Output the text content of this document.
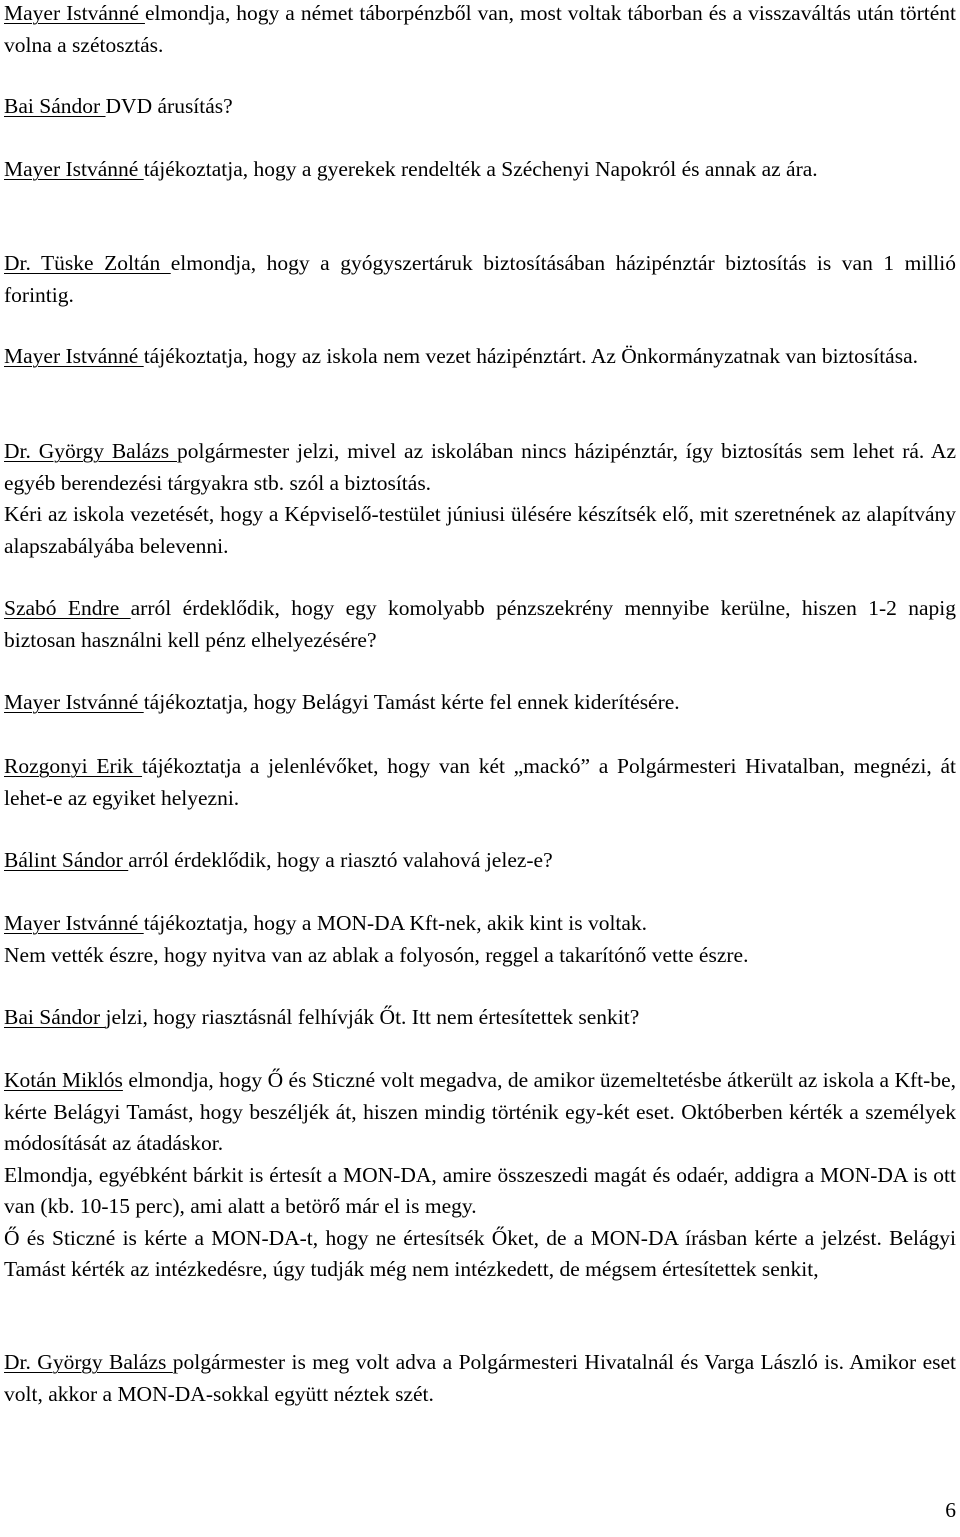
Mayer Istvánné elmondja, hogy a német táborpénzből van, most voltak táborban és a visszaváltás után történt volna a szétosztás.

Bai Sándor DVD árusítás?

Mayer Istvánné tájékoztatja, hogy a gyerekek rendelték a Széchenyi Napokról és annak az ára.

Dr. Tüske Zoltán elmondja, hogy a gyógyszertáruk biztosításában házipénztár biztosítás is van 1 millió forintig.

Mayer Istvánné tájékoztatja, hogy az iskola nem vezet házipénztárt. Az Önkormányzatnak van biztosítása.

Dr. György Balázs polgármester jelzi, mivel az iskolában nincs házipénztár, így biztosítás sem lehet rá. Az egyéb berendezési tárgyakra stb. szól a biztosítás.
Kéri az iskola vezetését, hogy a Képviselő-testület júniusi ülésére készítsék elő, mit szeretnének az alapítvány alapszabályába belevenni.

Szabó Endre arról érdeklődik, hogy egy komolyabb pénzszekrény mennyibe kerülne, hiszen 1-2 napig biztosan használni kell pénz elhelyezésére?

Mayer Istvánné tájékoztatja, hogy Belágyi Tamást kérte fel ennek kiderítésére.

Rozgonyi Erik tájékoztatja a jelenlévőket, hogy van két „mackó” a Polgármesteri Hivatalban, megnézi, át lehet-e az egyiket helyezni.

Bálint Sándor arról érdeklődik, hogy a riasztó valahová jelez-e?

Mayer Istvánné tájékoztatja, hogy a MON-DA Kft-nek, akik kint is voltak.
Nem vették észre, hogy nyitva van az ablak a folyosón, reggel a takarítónő vette észre.

Bai Sándor jelzi, hogy riasztásnál felhívják Őt. Itt nem értesítettek senkit?

Kotán Miklós elmondja, hogy Ő és Sticzné volt megadva, de amikor üzemeltetésbe átkerült az iskola a Kft-be, kérte Belágyi Tamást, hogy beszéljék át, hiszen mindig történik egy-két eset. Októberben kérték a személyek módosítását az átadáskor.
Elmondja, egyébként bárkit is értesít a MON-DA, amire összeszedi magát és odaér, addigra a MON-DA is ott van (kb. 10-15 perc), ami alatt a betörő már el is megy.
Ő és Sticzné is kérte a MON-DA-t, hogy ne értesítsék Őket, de a MON-DA írásban kérte a jelzést. Belágyi Tamást kérték az intézkedésre, úgy tudják még nem intézkedett, de mégsem értesítettek senkit,

Dr. György Balázs polgármester is meg volt adva a Polgármesteri Hivatalnál és Varga László is. Amikor eset volt, akkor a MON-DA-sokkal együtt néztek szét.

6
